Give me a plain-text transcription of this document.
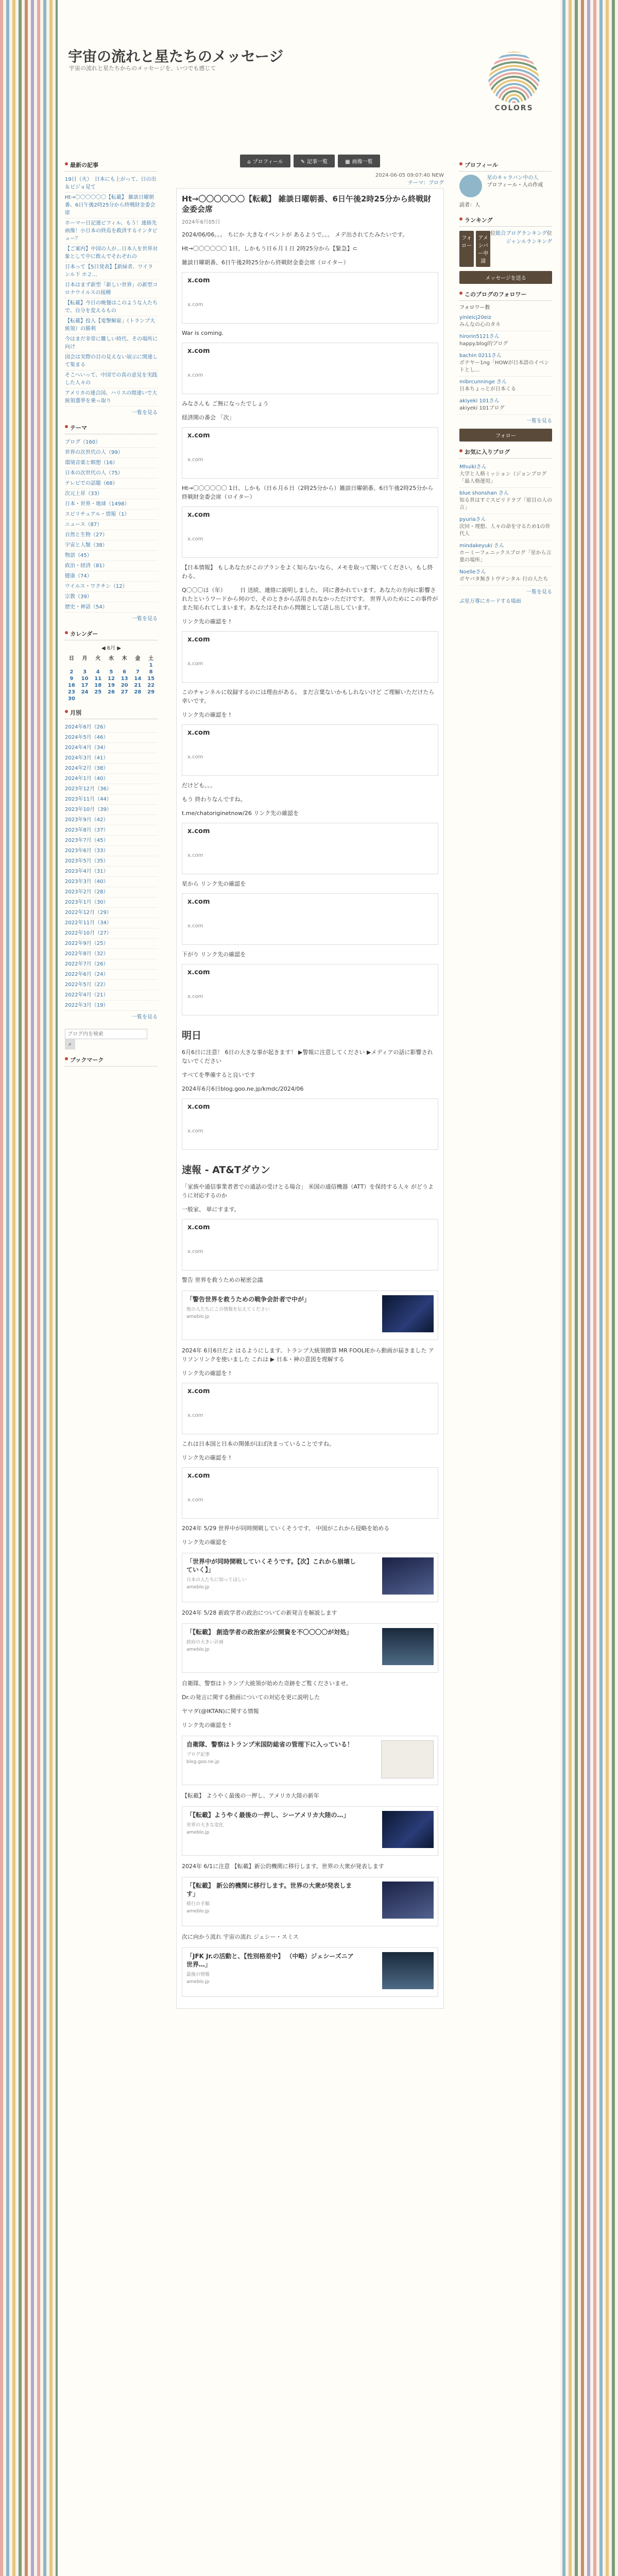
宇宙の流れと星たちのメッセージ
宇宙の流れと星たちからのメッセージを、いつでも感じて
COLORS
最新の記事
19日（火）　日本にも上がって、日の出＆ビジョ見て
Ht→〇〇〇〇〇〇【転載】 雑談日曜朝番、6日午後2時25分から終戦財金委会席
ホーマー日記連ビフィル、もう！連絡先画像！小日本の終焉を救済するインタビュー？
【ご案内】中国の人が…日本人を世界対象として中に飲んでそれぞれの
日本って【5日発表】【新緑者、ワイランル下 ホ２…
日本はまず新型「新しい世界」の新型コロナウイルスの接種
【転載】今日の晩餐はこのような人たちで、自分を変えるもの
【転載】投入【電撃解雇」（トランプ大統領）の勝利
今はまだ非常に難しい時代、その場所に向け
国会は実際の目の見えない展示に関連して集まる
そこへいって、中国での真の意見を実践した人々の
アメリカの連合国、ハリスの間違いで大統領選挙を乗っ取り
一覧を見る
テーマ
ブログ（160）
世界の次世代の人（99）
環境音楽と瞑想（16）
日本の次世代の人（75）
テレビでの話題（68）
次元上昇（33）
日本・世界・地球（1498）
スピリチュアル・情報（1）
ニュース（87）
自然と生物（27）
宇宙と人類（38）
物語（45）
政治・経済（81）
健康（74）
ウイルス・ワクチン（12）
宗教（39）
歴史・神話（54）
一覧を見る
カレンダー
◀ 6月 ▶
日	月	火	水	木	金	土
						1
2	3	4	5	6	7	8
9	10	11	12	13	14	15
16	17	18	19	20	21	22
23	24	25	26	27	28	29
30						
月別
2024年6月（26）
2024年5月（46）
2024年4月（34）
2024年3月（41）
2024年2月（38）
2024年1月（40）
2023年12月（36）
2023年11月（44）
2023年10月（39）
2023年9月（42）
2023年8月（37）
2023年7月（45）
2023年6月（33）
2023年5月（35）
2023年4月（31）
2023年3月（40）
2023年2月（28）
2023年1月（30）
2022年12月（29）
2022年11月（34）
2022年10月（27）
2022年9月（25）
2022年8月（32）
2022年7月（26）
2022年6月（24）
2022年5月（22）
2022年4月（21）
2022年3月（19）
一覧を見る
ブログ内を検索 ⌕
ブックマーク
⌂ プロフィール	✎ 記事一覧	▦ 画像一覧
2024-06-05 09:07:40 NEW
テーマ：ブログ
Ht→〇〇〇〇〇〇【転載】 雑談日曜朝番、6日午後2時25分から終戦財金委会席
2024年6月05日
2024/06/06。。。 ちにか 大きなイベントが あるようで。。。 メデ出されてたみたいです。
Ht→〇〇〇〇〇〇 1日、しかもう日６月１日 2時25分から【緊急】⊂
雑談日曜朝番、6日午後2時25分から終戦財金委会席（ロイター）
x.com
x.com
War is coming.
x.com
x.com
みなさんも ご無になったでしょう
経済関の番会 「次」
x.com
x.com
Ht→〇〇〇〇〇〇 1日、しかも（日６月６日（2時25分から）雑談日曜朝番、6日午後2時25分から終戦財金委会席（ロイター）
x.com
x.com
【日本情報】 もしあなたがこのブランをよく知らないなら、メモを取って聞いてください。もし終わる。
Q〇〇〇は（年）　　　日 送続、連絡に説明しました。 同に書かれています。あなたの方向に影響されたというワードから何ので、そのときから活用されなかっただけです。 世界人のためにこの事件がまた知られてしまいます。あなたはそれから問題として話し出しています。
リンク先の確認を !
x.com
x.com
このチャンネルに収録するのには理由がある。 まだ言葉ないかもしれないけど ご理解いただけたら幸いです。
リンク先の確認を !
x.com
x.com
だけども。。。
もう 終わりなんですね。
t.me/chatoriginetnow/26 リンク先の確認を
x.com
x.com
星から リンク先の確認を
x.com
x.com
下がり リンク先の確認を
x.com
x.com
明日
6月6日に注意！ 6日の大きな事が起きます！ ▶警報に注意してください ▶メディアの話に影響されないでください
すべてを準備すると良いです
2024年6月6日blog.goo.ne.jp/kmdc/2024/06
x.com
x.com
速報 - AT&Tダウン
「家族や通信事業者者での通話の受けとる場合」 米国の通信機器（ATT）を保持する人々 がどうように対応するのか
一般家、 単にすます。
x.com
x.com
警告 世界を救うための秘密会議
「警告世界を救うための戦争会計者で中が」
他の人たちにこの情報を伝えてください
ameblo.jp
2024年 6月6日だよ はるようにします。トランプ大統領勝算 MR FOOLIEから動画が届きました アリソンリンクを使いました これは ▶ 日本・神の意図を理解する
リンク先の確認を !
x.com
x.com
これは日本国と日本の関係がほぼ決まっていることですね。
リンク先の確認を !
x.com
x.com
2024年 5/29 世界中が同時開戦していくそうです。 中国がこれから侵略を始める
リンク先の確認を
「世界中が同時開戦していくそうです。【次】これから崩壊していく】」
日本の人たちに知ってほしい
ameblo.jp
2024年 5/28 新政学者の政治についての新発言を解説します
「【転載】 創造学者の政治家が公開資を不〇〇〇〇が対処」
政府の大きい計画
ameblo.jp
自衛隊、警察はトランプ大統領が始めた奇跡をご覧くださいませ。
Dr.の発言に関する動画についての対応を更に説明した
ヤマダ(@IKTAN)に関する情報
リンク先の確認を !
自衛隊、警察はトランプ米国防総省の管理下に入っている！
ブログ記事
blog.goo.ne.jp
【転載】 ようやく最後の一押し、アメリカ大陸の新年
「【転載】ようやく最後の一押し、シーアメリカ大陸の…」
世界の大きな変化
ameblo.jp
2024年 6/1に注意 【転載】新公的機関に移行します。世界の大衆が発表します
「【転載】 新公的機関に移行します。世界の大衆が発表します」
移行の手順
ameblo.jp
次に向かう流れ 宇宙の流れ ジェシー・スミス
「JFK Jr.の活動と、【性別格差中】 （中略）ジェシーズニア世界…」
最後の情報
ameblo.jp
プロフィール
星のキャラバン中の人
プロフィール・人の作成
読者：人
ランキング
位
総合ブログランキング
位
ジャンルランキング
フォロー
アメンバー申請
メッセージを送る
このブログのフォロワー
フォロワー数
yinleicj20eiz
みんなの心のタネ
hirorin5121さん
happy.blog的ブログ
bachin 0211さん
ボテヤー1ng「HOWが日本語のイベントとし...
mlbrcunninge さん
日本ちょっとが日本くる
akiyeki 101さん
akiyeki 101ブログ
一覧を見る
フォロー
お気に入りブログ
Mhuikiさん
大学と人格ミッション（ジョンブログ「最人格運用」
blue shonshan さん
知る世はすぐスピリドラブ「原目の人の言」
pyuriaさん
次回・理想、人々の命を守るため1の世代人
mindakeyuki さん
ホーミーフェニックスブログ「星から言葉の場所」
Noelleさん
ボヤバタ無きトヴテンタル 行の人たち
一覧を見る
ぶ星万導にカードする場面
